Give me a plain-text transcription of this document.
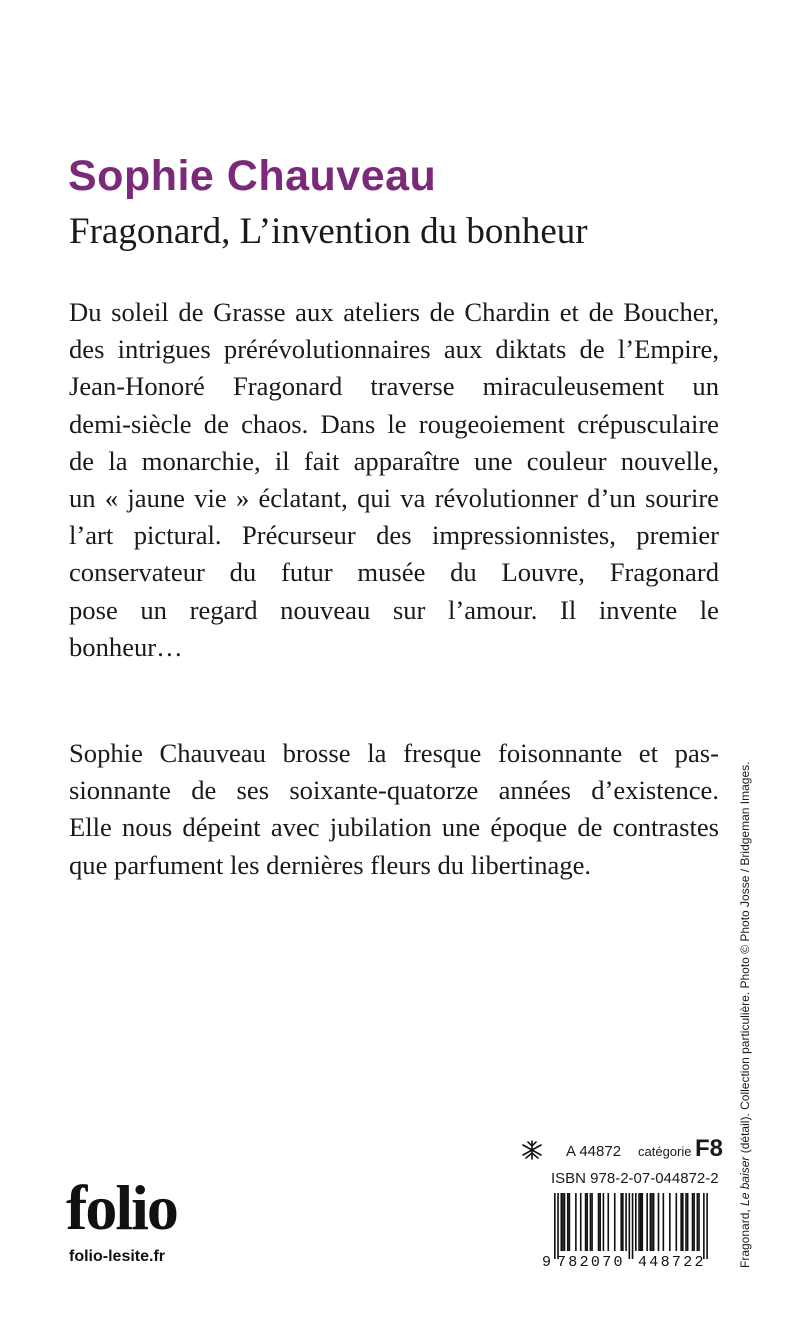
Sophie Chauveau
Fragonard, L’invention du bonheur
Du soleil de Grasse aux ateliers de Chardin et de Boucher,
des intrigues prérévolutionnaires aux diktats de l’Empire,
Jean-Honoré Fragonard traverse miraculeusement un
demi-siècle de chaos. Dans le rougeoiement crépusculaire
de la monarchie, il fait apparaître une couleur nouvelle,
un « jaune vie » éclatant, qui va révolutionner d’un sourire
l’art pictural. Précurseur des impressionnistes, premier
conservateur du futur musée du Louvre, Fragonard
pose un regard nouveau sur l’amour. Il invente le
bonheur…
Sophie Chauveau brosse la fresque foisonnante et pas-
sionnante de ses soixante-quatorze années d’existence.
Elle nous dépeint avec jubilation une époque de contrastes
que parfument les dernières fleurs du libertinage.
Fragonard, Le baiser (détail). Collection particulière. Photo © Photo Josse / Bridgeman Images.
folio
folio-lesite.fr
A 44872 catégorie F8
ISBN 978-2-07-044872-2
9 782070 448722
